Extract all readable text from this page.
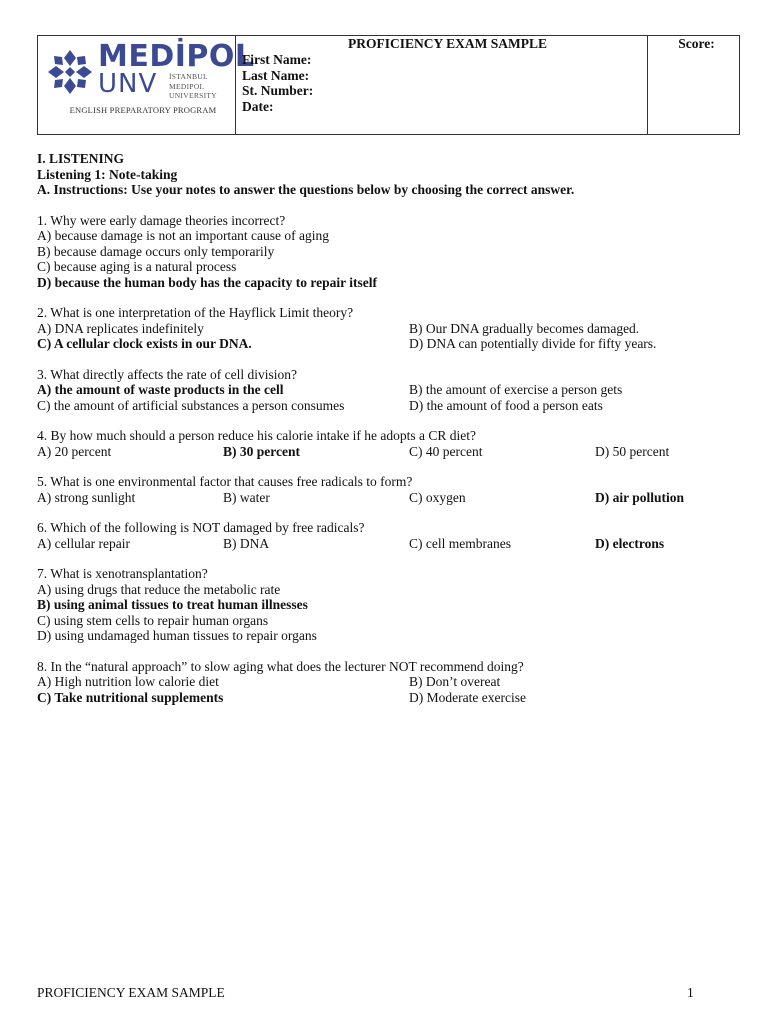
MEDİPOL
UNV İSTANBUL
MEDIPOL
UNIVERSITY
ENGLISH PREPARATORY PROGRAM
PROFICIENCY EXAM SAMPLE
First Name:
Last Name:
St. Number:
Date:
Score:
I. LISTENING
Listening 1: Note-taking
A. Instructions: Use your notes to answer the questions below by choosing the correct answer.
1. Why were early damage theories incorrect?
A) because damage is not an important cause of aging
B) because damage occurs only temporarily
C) because aging is a natural process
D) because the human body has the capacity to repair itself
2. What is one interpretation of the Hayflick Limit theory?
A) DNA replicates indefinitely	B) Our DNA gradually becomes damaged.
C) A cellular clock exists in our DNA.	D) DNA can potentially divide for fifty years.
3. What directly affects the rate of cell division?
A) the amount of waste products in the cell	B) the amount of exercise a person gets
C) the amount of artificial substances a person consumes	D) the amount of food a person eats
4. By how much should a person reduce his calorie intake if he adopts a CR diet?
A) 20 percent	B) 30 percent	C) 40 percent	D) 50 percent
5. What is one environmental factor that causes free radicals to form?
A) strong sunlight	B) water	C) oxygen	D) air pollution
6. Which of the following is NOT damaged by free radicals?
A) cellular repair	B) DNA	C) cell membranes	D) electrons
7. What is xenotransplantation?
A) using drugs that reduce the metabolic rate
B) using animal tissues to treat human illnesses
C) using stem cells to repair human organs
D) using undamaged human tissues to repair organs
8. In the “natural approach” to slow aging what does the lecturer NOT recommend doing?
A) High nutrition low calorie diet	B) Don’t overeat
C) Take nutritional supplements	D) Moderate exercise
PROFICIENCY EXAM SAMPLE	1
